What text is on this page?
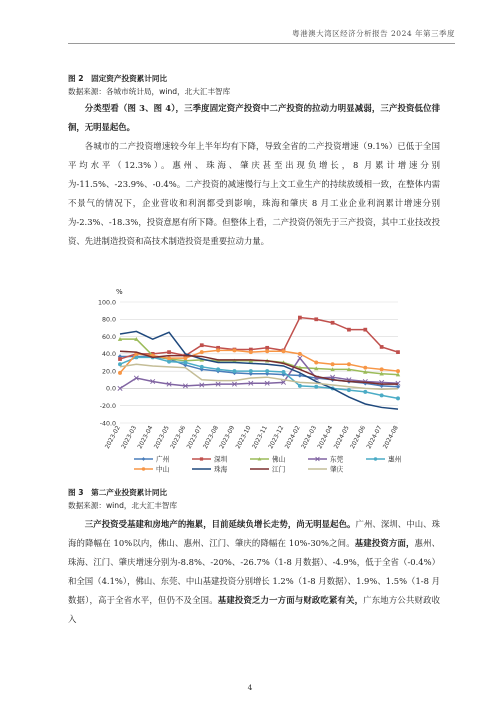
粤港澳大湾区经济分析报告 2024 年第三季度
图 2　固定资产投资累计同比
数据来源：各城市统计局，wind，北大汇丰智库

分类型看（图 3、图 4），三季度固定资产投资中二产投资的拉动力明显减弱，三产投资低位徘徊，无明显起色。

各城市的二产投资增速较今年上半年均有下降，导致全省的二产投资增速（9.1%）已低于全国平均水平（12.3%）。惠州、珠海、肇庆甚至出现负增长，8 月累计增速分别为-11.5%、-23.9%、-0.4%。二产投资的减速慢行与上文工业生产的持续放缓相一致，在整体内需不景气的情况下，企业营收和利润都受到影响，珠海和肇庆 8 月工业企业利润累计增速分别为-2.3%、-18.3%，投资意愿有所下降。但整体上看，二产投资仍领先于三产投资，其中工业技改投资、先进制造投资和高技术制造投资是重要拉动力量。

100.0
80.0
60.0
40.0
20.0
0.0
-20.0
-40.0
2023-02
2023-03
2023-04
2023-05
2023-06
2023-07
2023-08
2023-09
2023-10
2023-11
2023-12
2024-02
2024-03
2024-04
2024-05
2024-06
2024-07
2024-08
广州	深圳	佛山	东莞	惠州
中山	珠海	江门	肇庆
%
图 3　第二产业投资累计同比
数据来源：wind，北大汇丰智库

三产投资受基建和房地产的拖累，目前延续负增长走势，尚无明显起色。广州、深圳、中山、珠海的降幅在 10%以内，佛山、惠州、江门、肇庆的降幅在 10%-30%之间。基建投资方面，惠州、珠海、江门、肇庆增速分别为-8.8%、-20%、-26.7%（1-8 月数据）、-4.9%，低于全省（-0.4%）和全国（4.1%），佛山、东莞、中山基建投资分别增长 1.2%（1-8 月数据）、1.9%、1.5%（1-8 月数据），高于全省水平，但仍不及全国。基建投资乏力一方面与财政吃紧有关，广东地方公共财政收入

4
